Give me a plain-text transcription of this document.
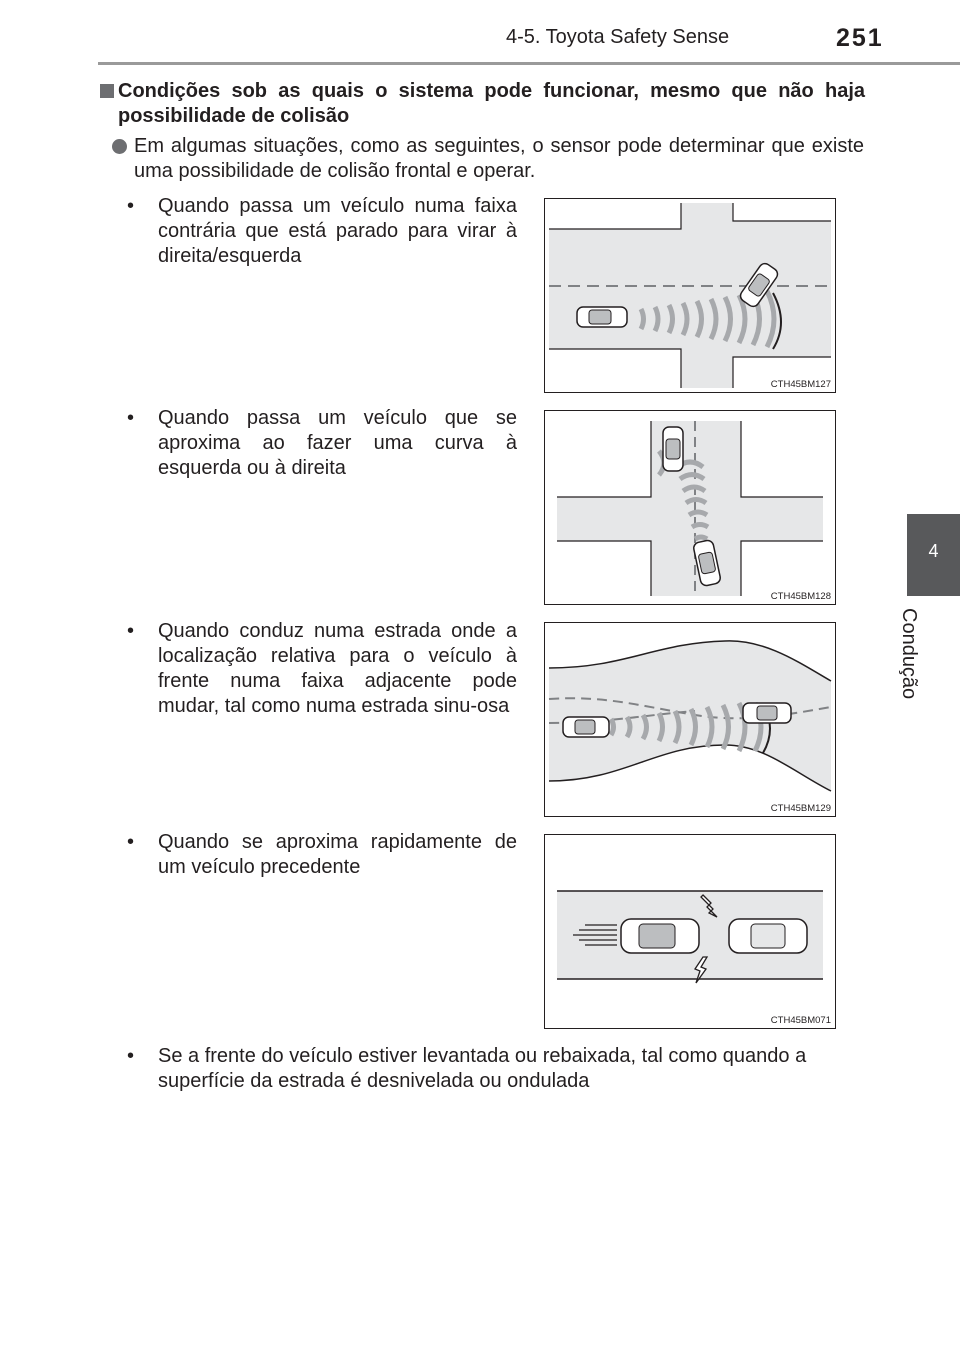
4-5. Toyota Safety Sense	251
4
Condução
Condições sob as quais o sistema pode funcionar, mesmo que não haja possibilidade de colisão
Em algumas situações, como as seguintes, o sensor pode determinar que existe uma possibilidade de colisão frontal e operar.
•	Quando passa um veículo numa faixa contrária que está parado para virar à direita/esquerda
CTH45BM127
•	Quando passa um veículo que se aproxima ao fazer uma curva à esquerda ou à direita
CTH45BM128
•	Quando conduz numa estrada onde a localização relativa para o veículo à frente numa faixa adjacente pode mudar, tal como numa estrada sinu-osa
CTH45BM129
•	Quando se aproxima rapidamente de um veículo precedente
CTH45BM071
•	Se a frente do veículo estiver levantada ou rebaixada, tal como quando a superfície da estrada é desnivelada ou ondulada
